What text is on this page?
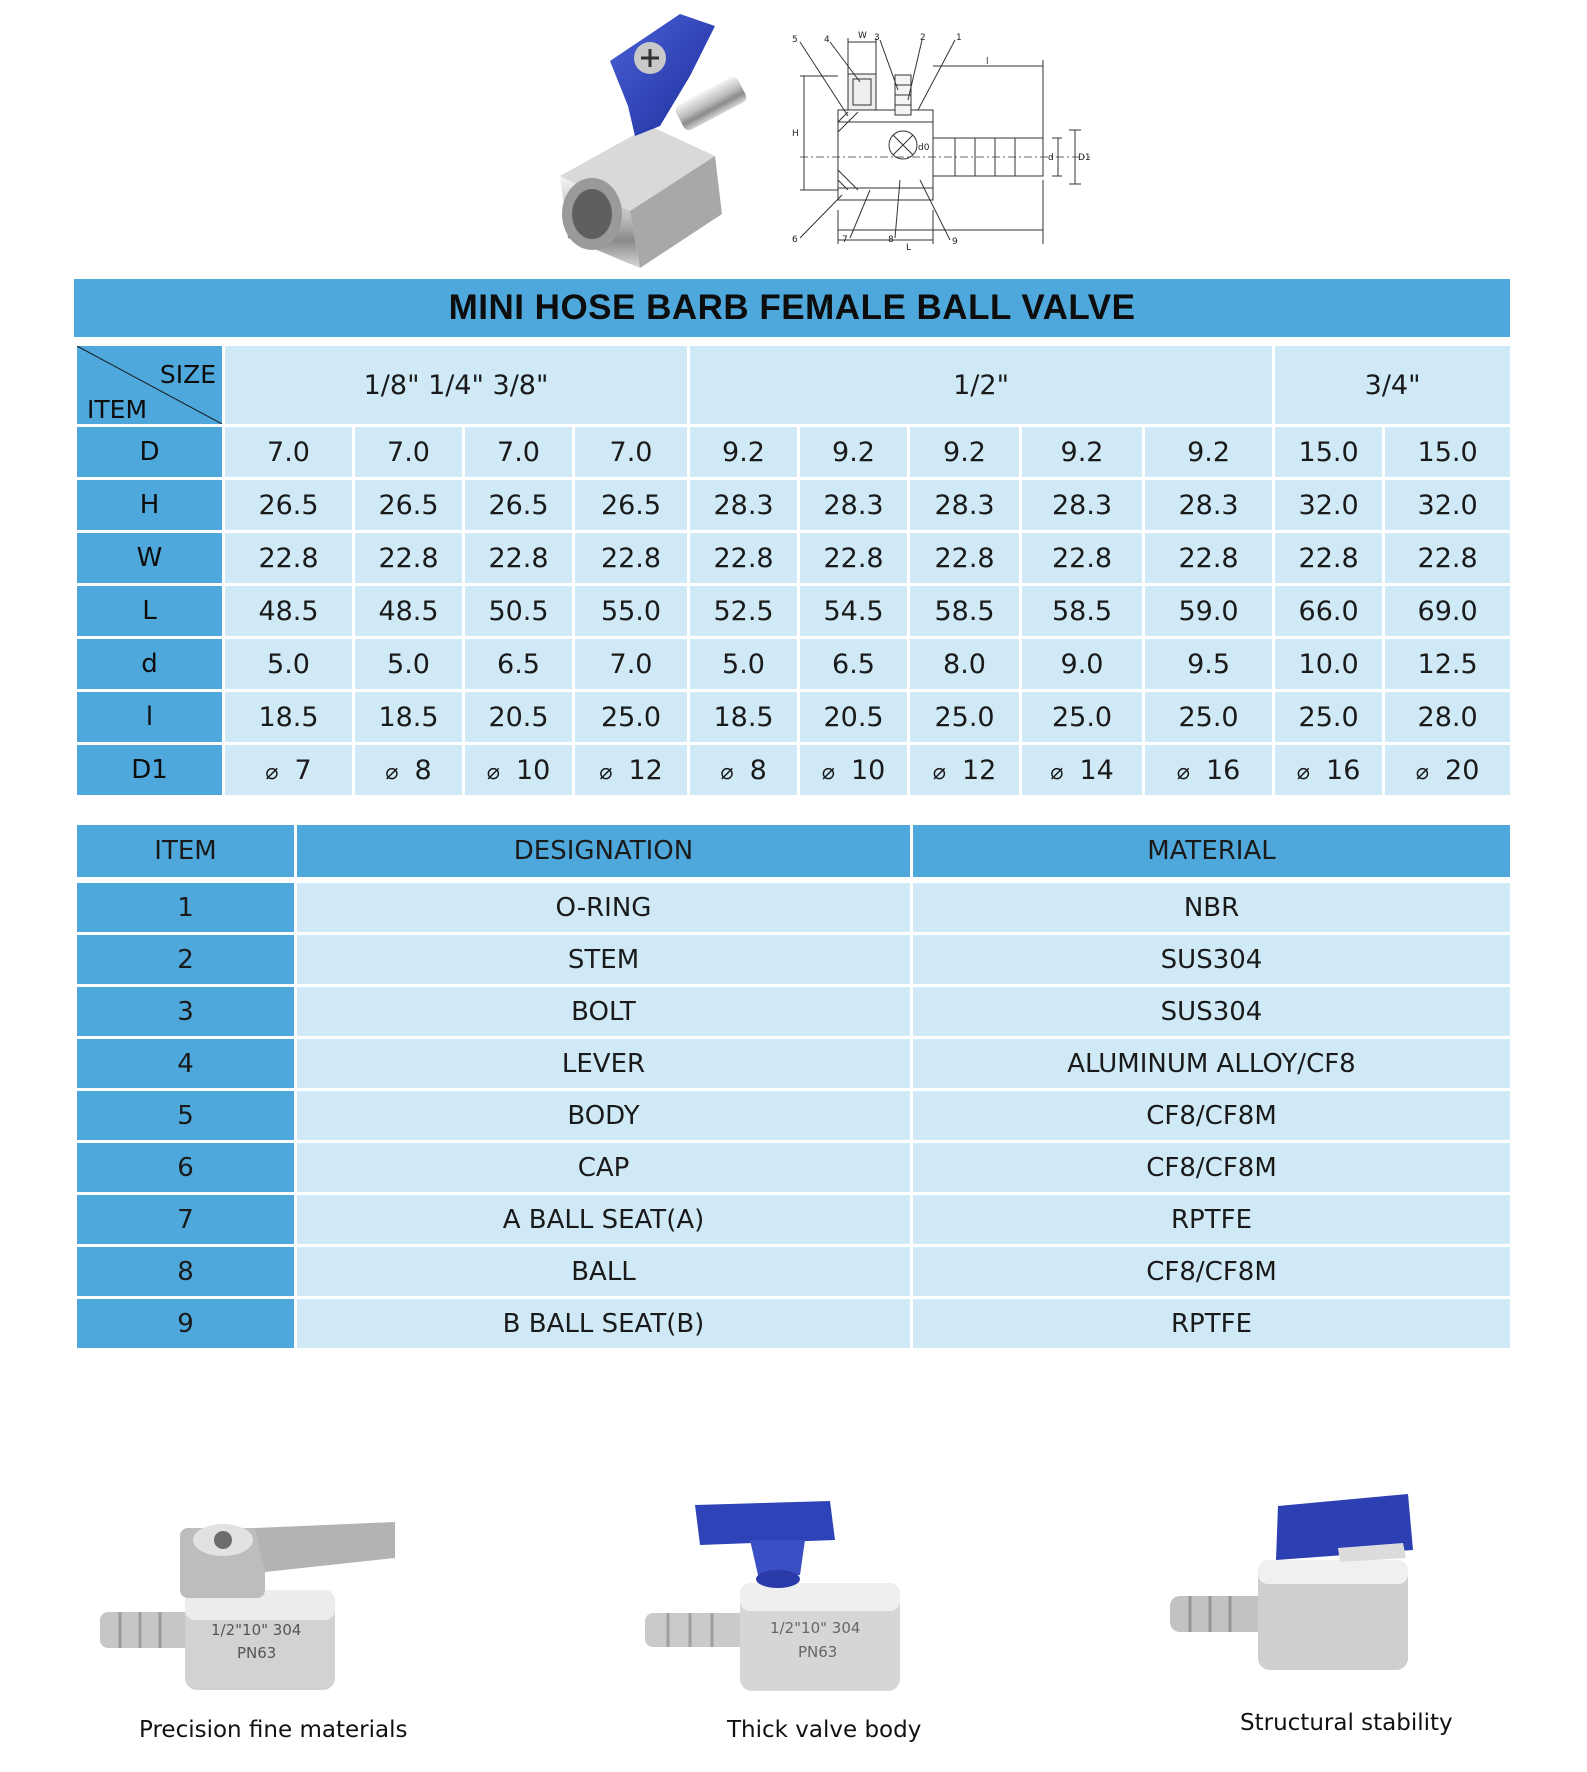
5	4	W 3	2	1
l
H
d0
d	D1
6	7	8
L
9
MINI HOSE BARB FEMALE BALL VALVE
SIZE
ITEM	1/8" 1/4" 3/8"				1/2"					3/4"	
D	7.0	7.0	7.0	7.0	9.2	9.2	9.2	9.2	9.2	15.0	15.0
H	26.5	26.5	26.5	26.5	28.3	28.3	28.3	28.3	28.3	32.0	32.0
W	22.8	22.8	22.8	22.8	22.8	22.8	22.8	22.8	22.8	22.8	22.8
L	48.5	48.5	50.5	55.0	52.5	54.5	58.5	58.5	59.0	66.0	69.0
d	5.0	5.0	6.5	7.0	5.0	6.5	8.0	9.0	9.5	10.0	12.5
l	18.5	18.5	20.5	25.0	18.5	20.5	25.0	25.0	25.0	25.0	28.0
D1	⌀ 7	⌀ 8	⌀ 10	⌀ 12	⌀ 8	⌀ 10	⌀ 12	⌀ 14	⌀ 16	⌀ 16	⌀ 20
ITEM	DESIGNATION	MATERIAL
1	O-RING	NBR
2	STEM	SUS304
3	BOLT	SUS304
4	LEVER	ALUMINUM ALLOY/CF8
5	BODY	CF8/CF8M
6	CAP	CF8/CF8M
7	A BALL SEAT(A)	RPTFE
8	BALL	CF8/CF8M
9	B BALL SEAT(B)	RPTFE
1/2"10" 304
PN63
Precision fine materials
1/2"10" 304
PN63
Thick valve body	Structural stability
